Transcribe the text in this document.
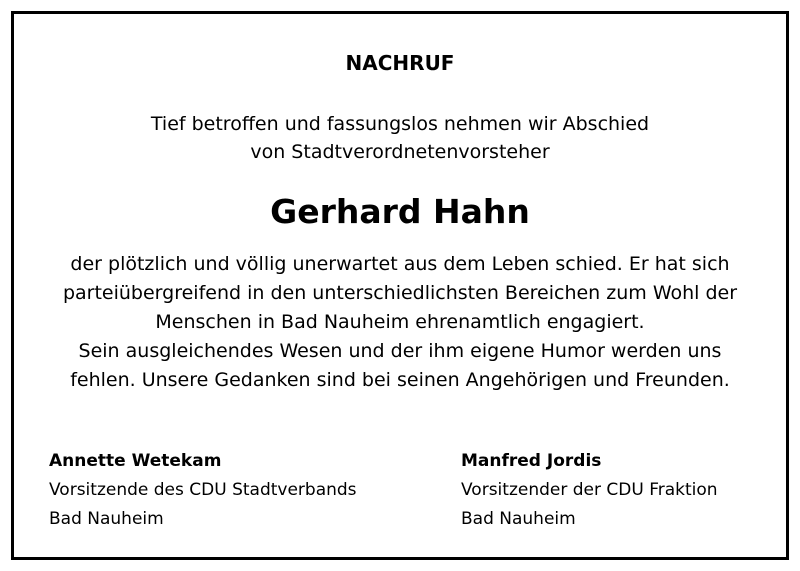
NACHRUF
Tief betroffen und fassungslos nehmen wir Abschied
von Stadtverordnetenvorsteher
Gerhard Hahn
der plötzlich und völlig unerwartet aus dem Leben schied. Er hat sich
parteiübergreifend in den unterschiedlichsten Bereichen zum Wohl der
Menschen in Bad Nauheim ehrenamtlich engagiert.
Sein ausgleichendes Wesen und der ihm eigene Humor werden uns
fehlen. Unsere Gedanken sind bei seinen Angehörigen und Freunden.
Annette Wetekam
Vorsitzende des CDU Stadtverbands
Bad Nauheim
Manfred Jordis
Vorsitzender der CDU Fraktion
Bad Nauheim
